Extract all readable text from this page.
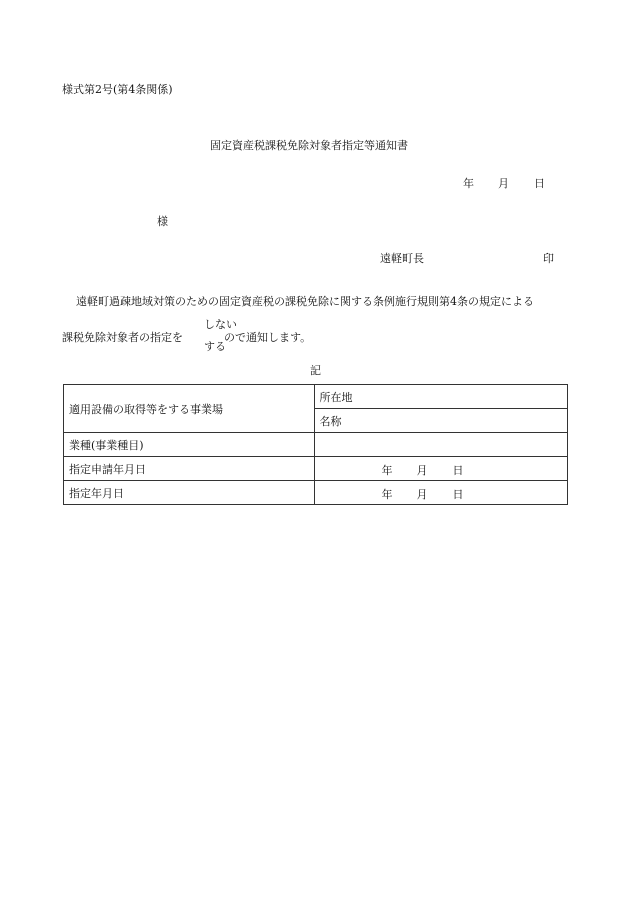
様式第2号(第4条関係)
固定資産税課税免除対象者指定等通知書
年 月 日
様
遠軽町長	印
遠軽町過疎地域対策のための固定資産税の課税免除に関する条例施行規則第4条の規定による
課税免除対象者の指定を
しない
する
ので通知します。
記
適用設備の取得等をする事業場	所在地
	名称
業種(事業種目)	
指定申請年月日	年 月 日

指定年月日	年 月 日
